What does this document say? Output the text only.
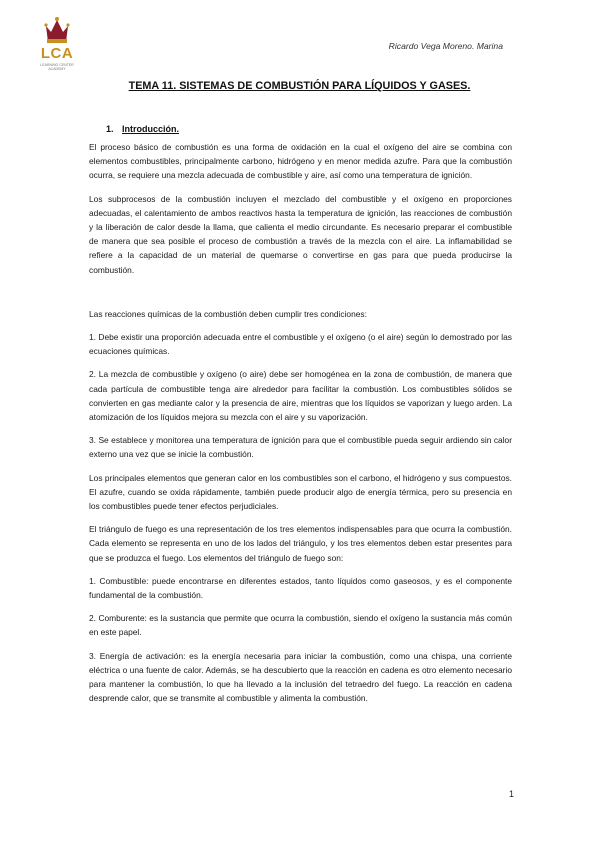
LCA
LEARNING CENTER ACADEMY
Ricardo Vega Moreno. Marina
TEMA 11. SISTEMAS DE COMBUSTIÓN PARA LÍQUIDOS Y GASES.
1. Introducción.

El proceso básico de combustión es una forma de oxidación en la cual el oxígeno del aire se combina con elementos combustibles, principalmente carbono, hidrógeno y en menor medida azufre. Para que la combustión ocurra, se requiere una mezcla adecuada de combustible y aire, así como una temperatura de ignición.

Los subprocesos de la combustión incluyen el mezclado del combustible y el oxígeno en proporciones adecuadas, el calentamiento de ambos reactivos hasta la temperatura de ignición, las reacciones de combustión y la liberación de calor desde la llama, que calienta el medio circundante. Es necesario preparar el combustible de manera que sea posible el proceso de combustión a través de la mezcla con el aire. La inflamabilidad se refiere a la capacidad de un material de quemarse o convertirse en gas para que pueda producirse la combustión.

Las reacciones químicas de la combustión deben cumplir tres condiciones:

1. Debe existir una proporción adecuada entre el combustible y el oxígeno (o el aire) según lo demostrado por las ecuaciones químicas.

2. La mezcla de combustible y oxígeno (o aire) debe ser homogénea en la zona de combustión, de manera que cada partícula de combustible tenga aire alrededor para facilitar la combustión. Los combustibles sólidos se convierten en gas mediante calor y la presencia de aire, mientras que los líquidos se vaporizan y luego arden. La atomización de los líquidos mejora su mezcla con el aire y su vaporización.

3. Se establece y monitorea una temperatura de ignición para que el combustible pueda seguir ardiendo sin calor externo una vez que se inicie la combustión.

Los principales elementos que generan calor en los combustibles son el carbono, el hidrógeno y sus compuestos. El azufre, cuando se oxida rápidamente, también puede producir algo de energía térmica, pero su presencia en los combustibles puede tener efectos perjudiciales.

El triángulo de fuego es una representación de los tres elementos indispensables para que ocurra la combustión. Cada elemento se representa en uno de los lados del triángulo, y los tres elementos deben estar presentes para que se produzca el fuego. Los elementos del triángulo de fuego son:

1. Combustible: puede encontrarse en diferentes estados, tanto líquidos como gaseosos, y es el componente fundamental de la combustión.

2. Comburente: es la sustancia que permite que ocurra la combustión, siendo el oxígeno la sustancia más común en este papel.

3. Energía de activación: es la energía necesaria para iniciar la combustión, como una chispa, una corriente eléctrica o una fuente de calor. Además, se ha descubierto que la reacción en cadena es otro elemento necesario para mantener la combustión, lo que ha llevado a la inclusión del tetraedro del fuego. La reacción en cadena desprende calor, que se transmite al combustible y alimenta la combustión.

1
